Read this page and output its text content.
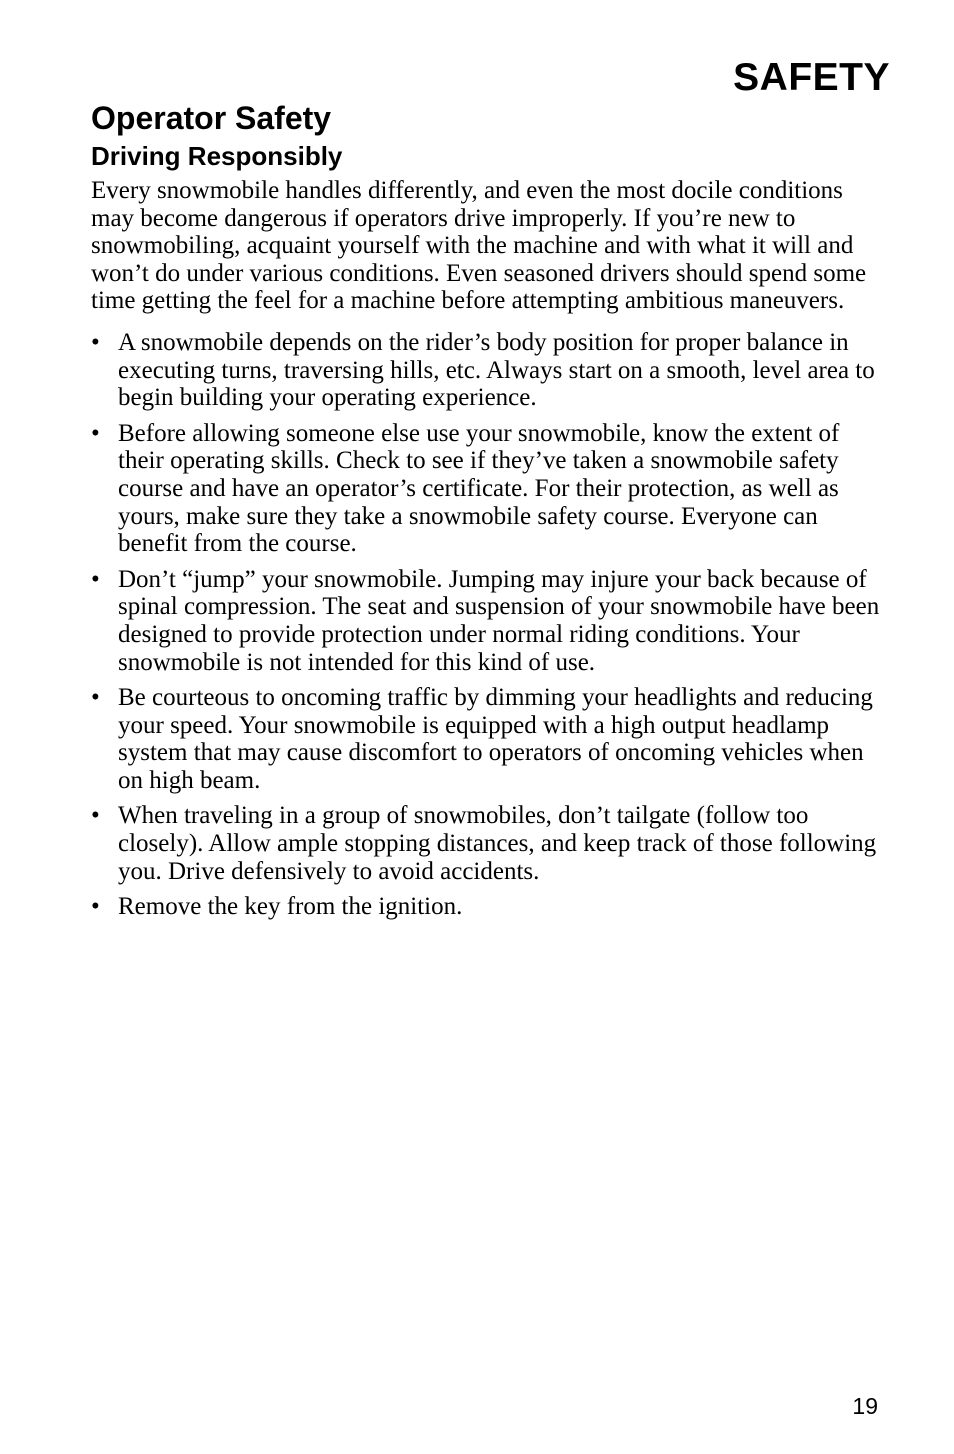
SAFETY
Operator Safety
Driving Responsibly

Every snowmobile handles differently, and even the most docile conditions may become dangerous if operators drive improperly. If you’re new to snowmobiling, acquaint yourself with the machine and with what it will and won’t do under various conditions. Even seasoned drivers should spend some time getting the feel for a machine before attempting ambitious maneuvers.

• A snowmobile depends on the rider’s body position for proper balance in executing turns, traversing hills, etc. Always start on a smooth, level area to begin building your operating experience.
• Before allowing someone else use your snowmobile, know the extent of their operating skills. Check to see if they’ve taken a snowmobile safety course and have an operator’s certificate. For their protection, as well as yours, make sure they take a snowmobile safety course. Everyone can benefit from the course.
• Don’t “jump” your snowmobile. Jumping may injure your back because of spinal compression. The seat and suspension of your snowmobile have been designed to provide protection under normal riding conditions. Your snowmobile is not intended for this kind of use.
• Be courteous to oncoming traffic by dimming your headlights and reducing your speed. Your snowmobile is equipped with a high output headlamp system that may cause discomfort to operators of oncoming vehicles when on high beam.
• When traveling in a group of snowmobiles, don’t tailgate (follow too closely). Allow ample stopping distances, and keep track of those following you. Drive defensively to avoid accidents.
• Remove the key from the ignition.

19
